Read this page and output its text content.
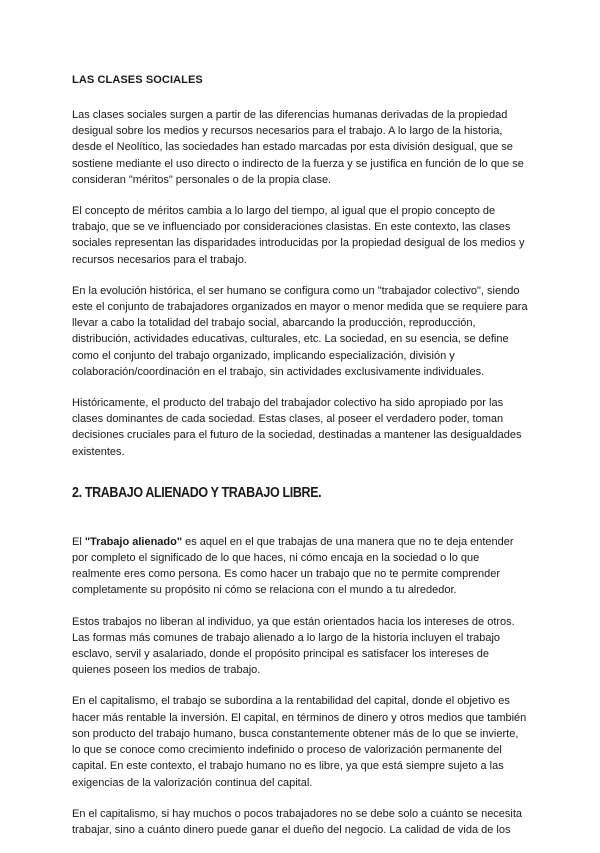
LAS CLASES SOCIALES

Las clases sociales surgen a partir de las diferencias humanas derivadas de la propiedad desigual sobre los medios y recursos necesarios para el trabajo. A lo largo de la historia, desde el Neolítico, las sociedades han estado marcadas por esta división desigual, que se sostiene mediante el uso directo o indirecto de la fuerza y se justifica en función de lo que se consideran "méritos" personales o de la propia clase.

El concepto de méritos cambia a lo largo del tiempo, al igual que el propio concepto de trabajo, que se ve influenciado por consideraciones clasistas. En este contexto, las clases sociales representan las disparidades introducidas por la propiedad desigual de los medios y recursos necesarios para el trabajo.

En la evolución histórica, el ser humano se configura como un "trabajador colectivo", siendo este el conjunto de trabajadores organizados en mayor o menor medida que se requiere para llevar a cabo la totalidad del trabajo social, abarcando la producción, reproducción, distribución, actividades educativas, culturales, etc. La sociedad, en su esencia, se define como el conjunto del trabajo organizado, implicando especialización, división y colaboración/coordinación en el trabajo, sin actividades exclusivamente individuales.

Históricamente, el producto del trabajo del trabajador colectivo ha sido apropiado por las clases dominantes de cada sociedad. Estas clases, al poseer el verdadero poder, toman decisiones cruciales para el futuro de la sociedad, destinadas a mantener las desigualdades existentes.

2. TRABAJO ALIENADO Y TRABAJO LIBRE.

El "Trabajo alienado" es aquel en el que trabajas de una manera que no te deja entender por completo el significado de lo que haces, ni cómo encaja en la sociedad o lo que realmente eres como persona. Es como hacer un trabajo que no te permite comprender completamente su propósito ni cómo se relaciona con el mundo a tu alrededor.

Estos trabajos no liberan al individuo, ya que están orientados hacia los intereses de otros. Las formas más comunes de trabajo alienado a lo largo de la historia incluyen el trabajo esclavo, servil y asalariado, donde el propósito principal es satisfacer los intereses de quienes poseen los medios de trabajo.

En el capitalismo, el trabajo se subordina a la rentabilidad del capital, donde el objetivo es hacer más rentable la inversión. El capital, en términos de dinero y otros medios que también son producto del trabajo humano, busca constantemente obtener más de lo que se invierte, lo que se conoce como crecimiento indefinido o proceso de valorización permanente del capital. En este contexto, el trabajo humano no es libre, ya que está siempre sujeto a las exigencias de la valorización continua del capital.

En el capitalismo, si hay muchos o pocos trabajadores no se debe solo a cuánto se necesita trabajar, sino a cuánto dinero puede ganar el dueño del negocio. La calidad de vida de los
